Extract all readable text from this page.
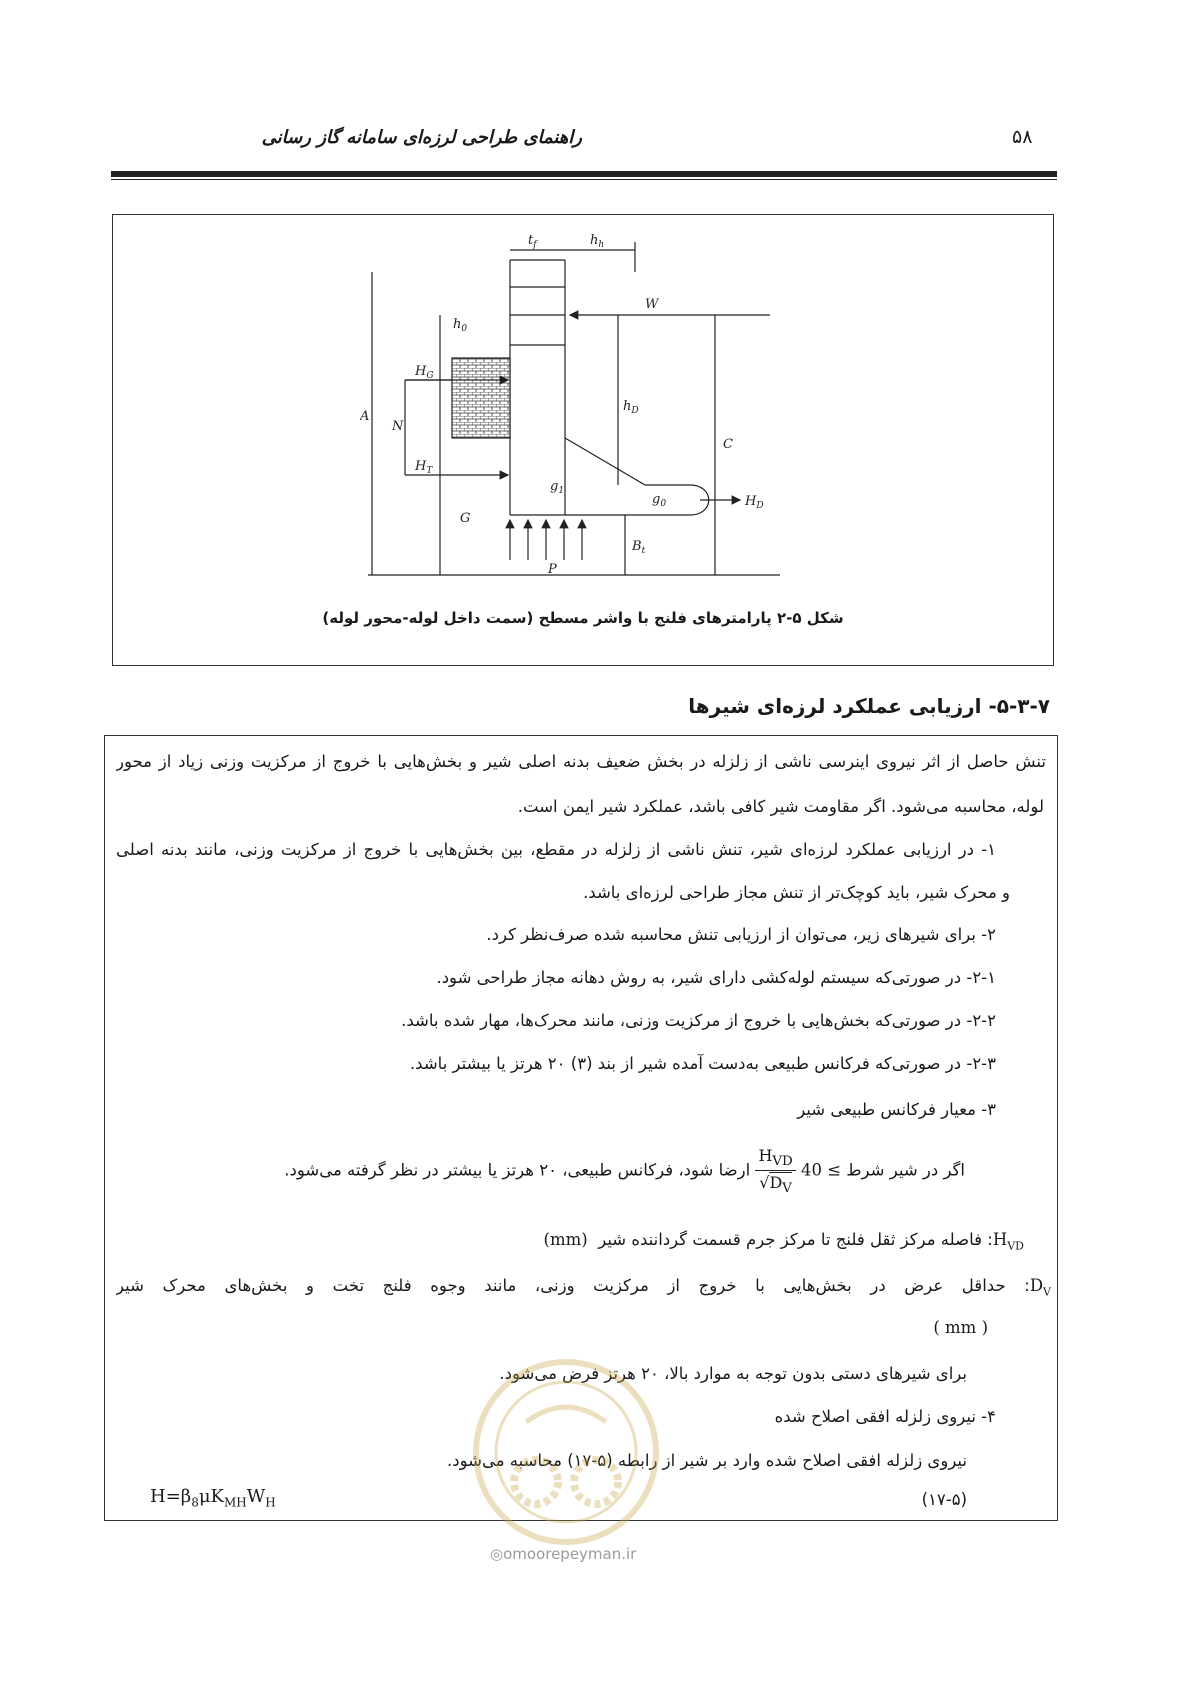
راهنمای طراحی لرزه‌ای سامانه گاز رسانی	۵۸
$t_f$	$h_h$
W
$h_0$
$H_G$
N
A
$h_D$
C
$H_T$
$g_1$
$g_0$	$H_D$
G
$B_t$
P
شکل ۵-۲ پارامترهای فلنج با واشر مسطح (سمت داخل لوله-محور لوله)
۵-۳-۷- ارزیابی عملکرد لرزه‌ای شیرها
تنش حاصل از اثر نیروی اینرسی ناشی از زلزله در بخش ضعیف بدنه اصلی شیر و بخش‌هایی با خروج از مرکزیت وزنی زیاد از محور
لوله، محاسبه می‌شود. اگر مقاومت شیر کافی باشد، عملکرد شیر ایمن است.
۱- در ارزیابی عملکرد لرزه‌ای شیر، تنش ناشی از زلزله در مقطع، بین بخش‌هایی با خروج از مرکزیت وزنی، مانند بدنه اصلی
و محرک شیر، باید کوچک‌تر از تنش مجاز طراحی لرزه‌ای باشد.
۲- برای شیرهای زیر، می‌توان از ارزیابی تنش محاسبه شده صرف‌نظر کرد.
۲-۱- در صورتی‌که سیستم لوله‌کشی دارای شیر، به روش دهانه مجاز طراحی شود.
۲-۲- در صورتی‌که بخش‌هایی با خروج از مرکزیت وزنی، مانند محرک‌ها، مهار شده باشد.
۲-۳- در صورتی‌که فرکانس طبیعی به‌دست آمده شیر از بند (۳) ۲۰ هرتز یا بیشتر باشد.
۳- معیار فرکانس طبیعی شیر
اگر در شیر شرط 40 ≤
$\frac{H_{VD}}{√D_V}$
ارضا شود، فرکانس طبیعی، ۲۰ هرتز یا بیشتر در نظر گرفته می‌شود.
$H_{VD}$: فاصله مرکز ثقل فلنج تا مرکز جرم قسمت گرداننده شیر  (mm)
$D_V$: حداقل عرض در بخش‌هایی با خروج از مرکزیت وزنی، مانند وجوه فلنج تخت و بخش‌های محرک شیر
( mm )
برای شیرهای دستی بدون توجه به موارد بالا، ۲۰ هرتز فرض می‌شود.
۴- نیروی زلزله افقی اصلاح شده
نیروی زلزله افقی اصلاح شده وارد بر شیر از رابطه (۵-۱۷) محاسبه می‌شود.
(۱۷-۵)
$H=\beta_8\mu K_{MH}W_H$
◎omoorepeyman.ir
